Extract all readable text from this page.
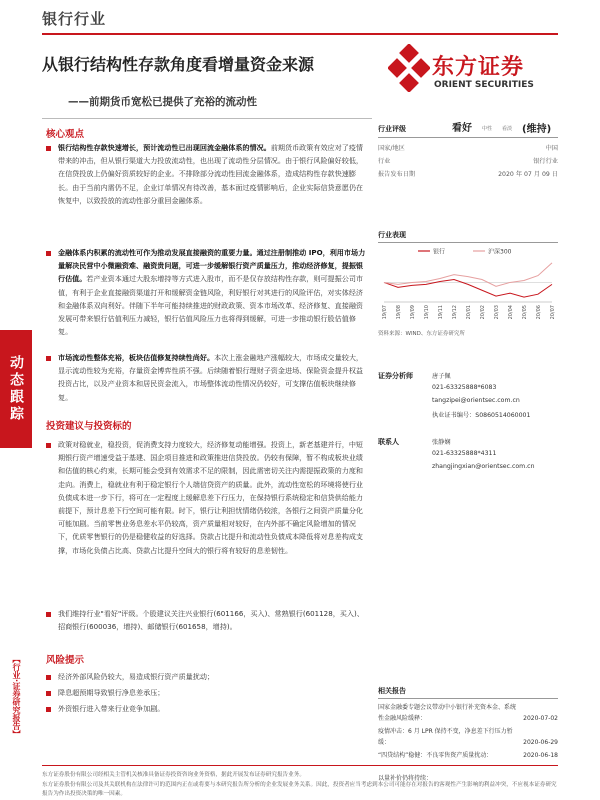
银行行业
从银行结构性存款角度看增量资金来源
——前期货币宽松已提供了充裕的流动性
东方证券
ORIENT SECURITIES
动态跟踪
【行业·证券研究报告】
核心观点
银行结构性存款快速增长，预计流动性已出现回流金融体系的情况。前期货币政策有效应对了疫情带来的冲击，但从银行渠道大力投放流动性，也出现了流动性分层情况。由于银行风险偏好较低，在信贷投放上仍偏好资质较好的企业。不排除部分流动性回流金融体系，造成结构性存款快速膨长。由于当前内需仍不足，企业订单情况有待改善，基本面过疫情影响后，企业实际信贷意愿仍在恢复中，以致投放的流动性部分重回金融体系。
金融体系内积累的流动性可作为推动发展直接融资的重要力量。通过注册制推动 IPO，利用市场力量解决民营中小微融资难、融资贵问题，可进一步缓解银行资产质量压力，推动经济修复，提振银行估值。若产业资本通过大股东增持等方式进入股市，而不是仅存放结构性存款，则可提振公司市值，有利于企业直接融资渠道打开和缓解资金链风险，利好银行对其进行的风险评估，对实体经济和金融体系双向利好。伴随下半年可能持续推进的财政政策、资本市场改革、经济修复、直接融资发展可带来银行估值利压力减轻，银行估值风险压力也将得到缓解，可进一步推动银行股估值修复。
市场流动性整体充裕，板块估值修复持续性尚好。本次上涨金融地产涨幅较大，市场成交量较大，显示流动性较为充裕，存量资金博弈性质不强。后续随着银行理财子资金进场、保险资金提升权益投资占比，以及产业资本和居民资金流入，市场整体流动性情况仍较好，可支撑估值板块继续修复。
投资建议与投资标的
政策对稳就业，稳投资，促消费支持力度较大，经济修复动能增强。投资上，新老基建并行，中短期银行资产增速受益于基建、国企项目推进和政策推进信贷投放。仍较有保障，暂不构成板块业绩和估值的核心约束，长期可能会受到有效需求不足的限制，因此需密切关注内需提振政策的力度和走向。消费上，稳就业有利于稳定银行个人端信贷资产的质量。此外，流动性宽松的环境将使行业负债成本进一步下行，将可在一定程度上缓解息差下行压力，在保持银行系统稳定和信贷供给能力前提下，预计息差下行空间可能有限。时下，银行让利担忧情绪仍较浓，各银行之间资产质量分化可能加剧。当前零售业务息差水平仍较高，资产质量相对较好，在内外部不确定风险增加的情况下，优质零售银行的仍是稳健收益的好选择。贷款占比提升和流动性负债成本降低将对息差构成支撑，市场化负债占比高、贷款占比提升空间大的银行将有较好的息差韧性。
我们维持行业"看好"评级。个股建议关注兴业银行(601166，买入)、常熟银行(601128，买入)、招商银行(600036，增持)、邮储银行(601658，增持)。
风险提示
经济外部风险仍较大，易造成银行资产质量扰动；
降息超预期导致银行净息差承压；
外资银行进入带来行业竞争加剧。
行业评级	看好 中性 看淡 (维持)
国家/地区	中国
行业	银行行业
报告发布日期	2020 年 07 月 09 日
行业表现
银行	沪深300
19/07 19/08 19/09 19/10 19/11 19/12 20/01 20/02 20/03 20/04 20/05 20/06 20/07
资料来源：WIND、东方证券研究所
证券分析师	唐子佩
021-63325888*6083
tangzipei@orientsec.com.cn
执业证书编号：S0860514060001
联系人	张静娴
021-63325888*4311
zhangjingxian@orientsec.com.cn
相关报告
国家金融委专题会议带动中小银行补充资本金、系统性金融风险缓释：	2020-07-02
疫情冲击：6 月 LPR 保持不变，净息差下行压力暂缓：	2020-06-29
“四贷结构”稳健：不良零售资产质量扰动：	2020-06-18
以量补价仍将持续：
东方证券股份有限公司经相关主管机关核准具备证券投资咨询业务资格，据此开展发布证券研究报告业务。
东方证券股份有限公司及其关联机构在法律许可的范围内正在或将要与本研究报告所分析的企业发展业务关系。因此，投资者应当考虑到本公司可能存在对报告的客观性产生影响的利益冲突，不应视本证券研究报告为作出投资决策的唯一因素。
